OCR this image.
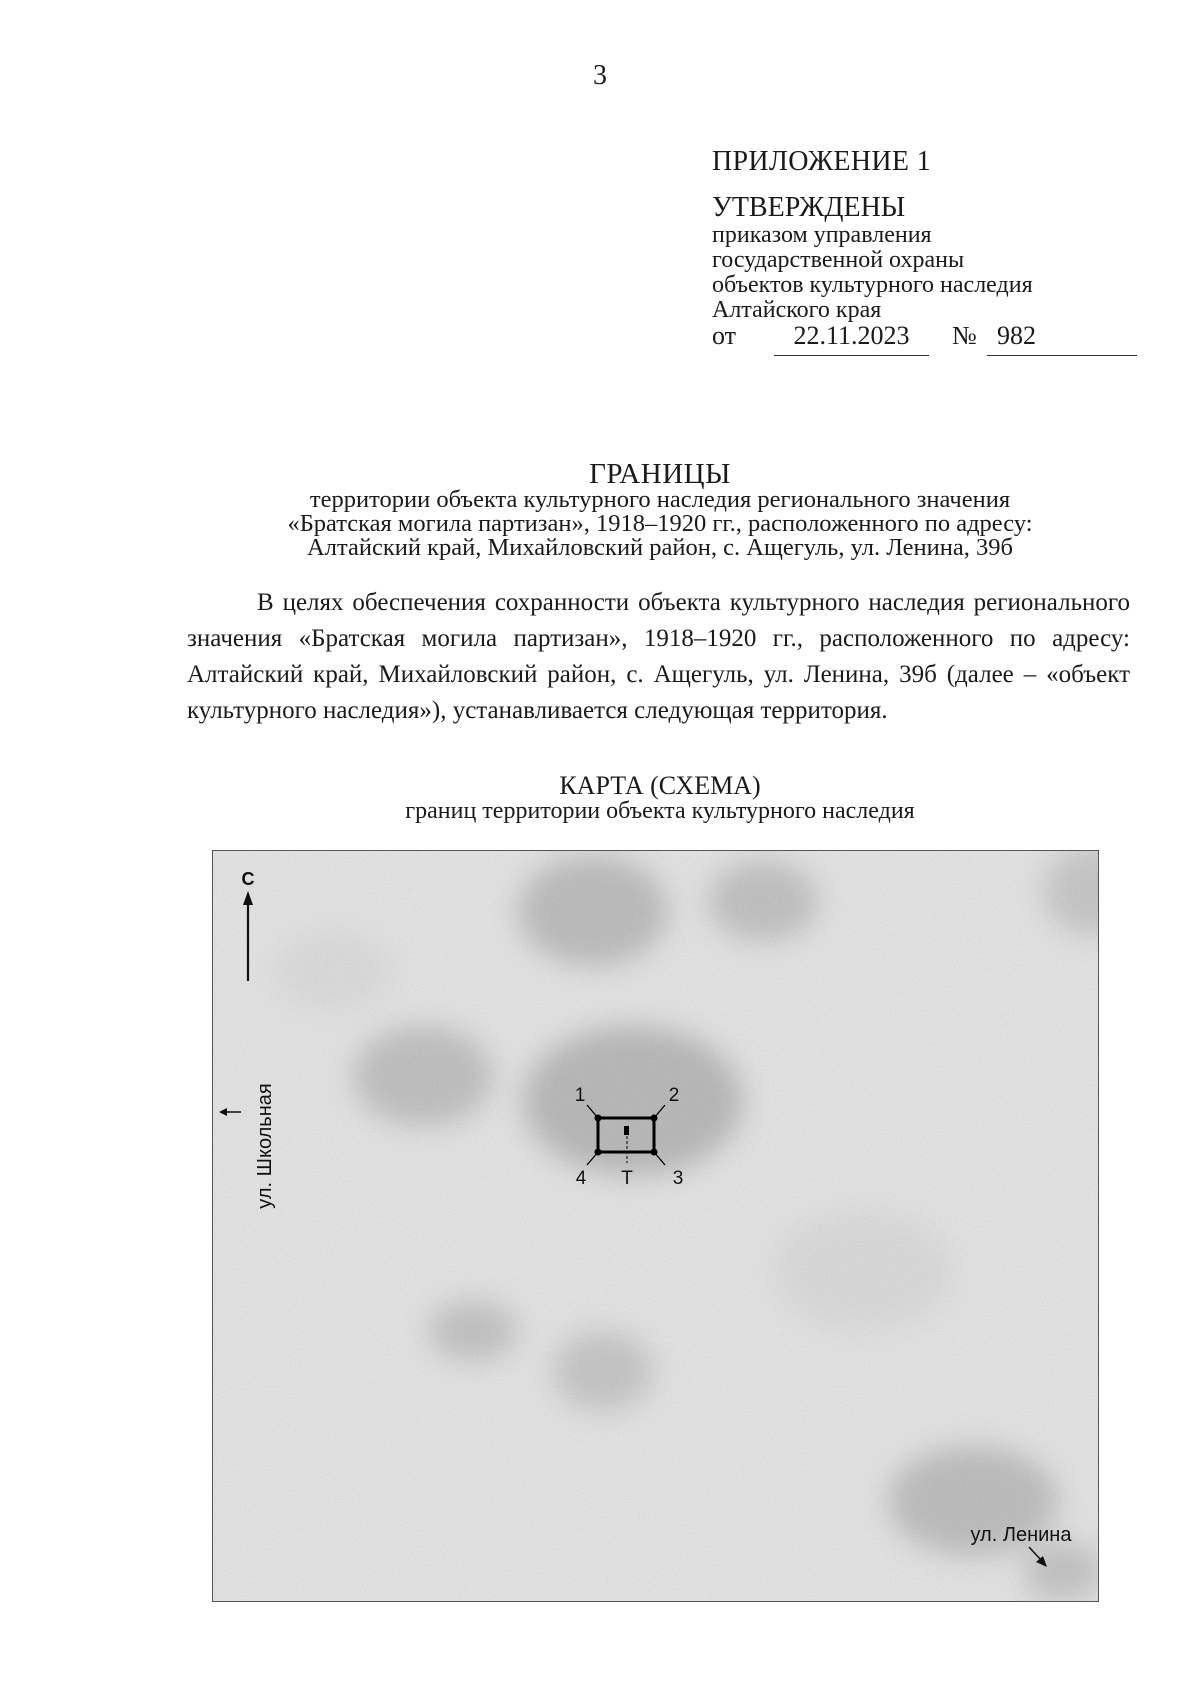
3
ПРИЛОЖЕНИЕ 1
УТВЕРЖДЕНЫ
приказом управления
государственной охраны
объектов культурного наследия
Алтайского края
от	22.11.2023	№ 982
ГРАНИЦЫ
территории объекта культурного наследия регионального значения
«Братская могила партизан», 1918–1920 гг., расположенного по адресу:
Алтайский край, Михайловский район, с. Ащегуль, ул. Ленина, 39б
В целях обеспечения сохранности объекта культурного наследия регионального значения «Братская могила партизан», 1918–1920 гг., расположенного по адресу: Алтайский край, Михайловский район, с. Ащегуль, ул. Ленина, 39б (далее – «объект культурного наследия»), устанавливается следующая территория.
КАРТА (СХЕМА)
границ территории объекта культурного наследия
С
ул. Школьная	1	2
3
4 Т
ул. Ленина
